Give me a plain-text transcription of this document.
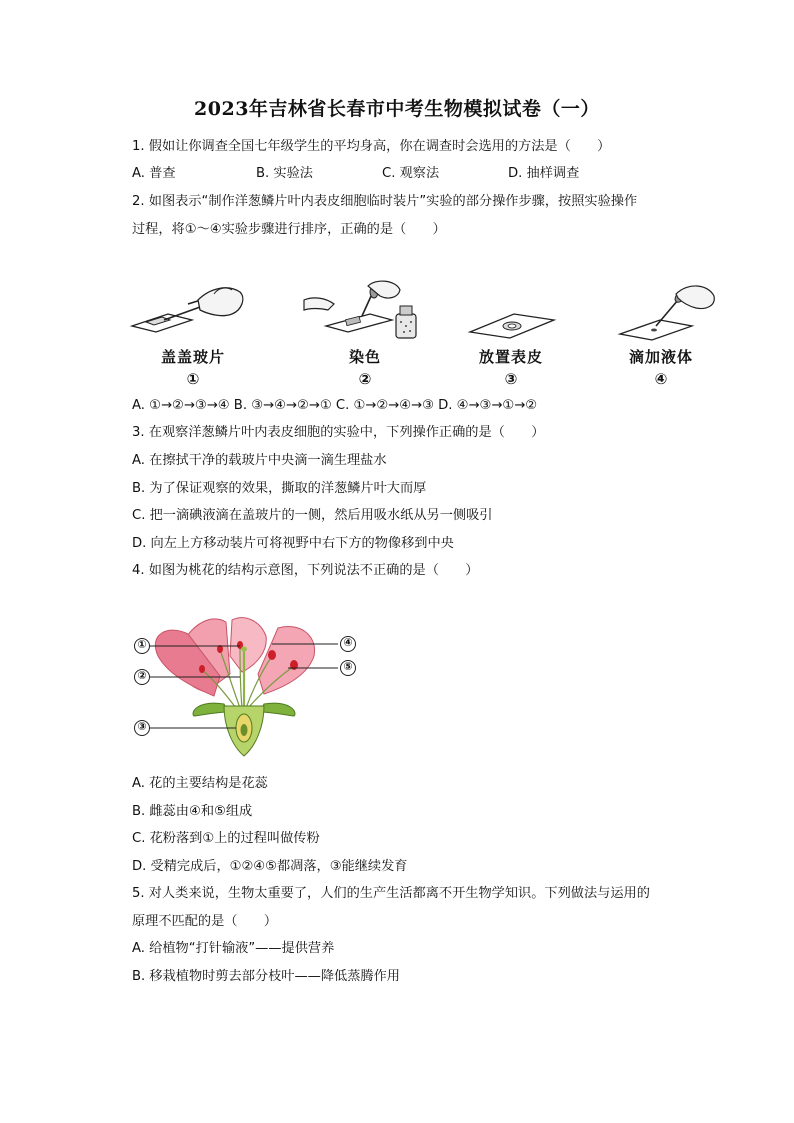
2023年吉林省长春市中考生物模拟试卷（一）
1. 假如让你调查全国七年级学生的平均身高，你在调查时会选用的方法是（　　）
A. 普查	B. 实验法	C. 观察法	D. 抽样调查
2. 如图表示“制作洋葱鳞片叶内表皮细胞临时装片”实验的部分操作步骤，按照实验操作
过程，将①～④实验步骤进行排序，正确的是（　　）
盖盖玻片
①
染色
②
放置表皮
③
滴加液体
④
A. ①→②→③→④ B. ③→④→②→① C. ①→②→④→③ D. ④→③→①→②
3. 在观察洋葱鳞片叶内表皮细胞的实验中，下列操作正确的是（　　）
A. 在擦拭干净的载玻片中央滴一滴生理盐水
B. 为了保证观察的效果，撕取的洋葱鳞片叶大而厚
C. 把一滴碘液滴在盖玻片的一侧，然后用吸水纸从另一侧吸引
D. 向左上方移动装片可将视野中右下方的物像移到中央
4. 如图为桃花的结构示意图，下列说法不正确的是（　　）
①
②
③
④
⑤
A. 花的主要结构是花蕊
B. 雌蕊由④和⑤组成
C. 花粉落到①上的过程叫做传粉
D. 受精完成后，①②④⑤都凋落，③能继续发育
5. 对人类来说，生物太重要了，人们的生产生活都离不开生物学知识。下列做法与运用的
原理不匹配的是（　　）
A. 给植物“打针输液”——提供营养
B. 移栽植物时剪去部分枝叶——降低蒸腾作用
